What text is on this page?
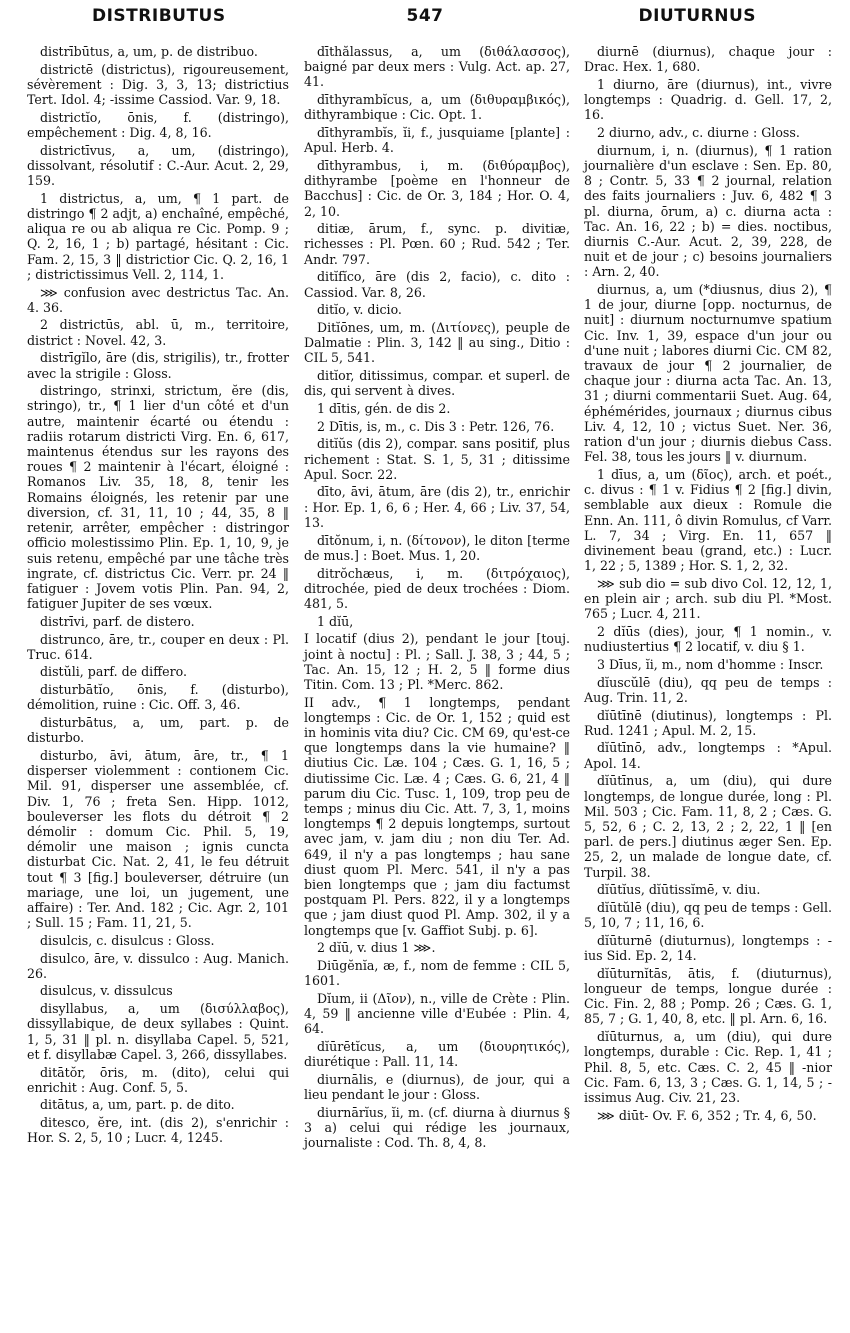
DISTRIBUTUS	547	DIUTURNUS

distrībūtus, a, um, p. de distribuo.

districtē (districtus), rigoureusement, sévèrement : Dig. 3, 3, 13; districtius Tert. Idol. 4; -issime Cassiod. Var. 9, 18.

districtĭo, ōnis, f. (distringo), empêchement : Dig. 4, 8, 16.

districtīvus, a, um, (distringo), dissolvant, résolutif : C.-Aur. Acut. 2, 29, 159.

1 districtus, a, um, ¶ 1 part. de distringo ¶ 2 adjt, a) enchaîné, empêché, aliqua re ou ab aliqua re Cic. Pomp. 9 ; Q. 2, 16, 1 ; b) partagé, hésitant : Cic. Fam. 2, 15, 3 ‖ districtior Cic. Q. 2, 16, 1 ; districtissimus Vell. 2, 114, 1.

⋙ confusion avec destrictus Tac. An. 4. 36.

2 districtūs, abl. ū, m., territoire, district : Novel. 42, 3.

distrīgĭlo, āre (dis, strigilis), tr., frotter avec la strigile : Gloss.

distringo, strinxi, strictum, ĕre (dis, stringo), tr., ¶ 1 lier d'un côté et d'un autre, maintenir écarté ou étendu : radiis rotarum districti Virg. En. 6, 617, maintenus étendus sur les rayons des roues ¶ 2 maintenir à l'écart, éloigné : Romanos Liv. 35, 18, 8, tenir les Romains éloignés, les retenir par une diversion, cf. 31, 11, 10 ; 44, 35, 8 ‖ retenir, arrêter, empêcher : distringor officio molestissimo Plin. Ep. 1, 10, 9, je suis retenu, empêché par une tâche très ingrate, cf. districtus Cic. Verr. pr. 24 ‖ fatiguer : Jovem votis Plin. Pan. 94, 2, fatiguer Jupiter de ses vœux.

distrīvi, parf. de distero.

distrunco, āre, tr., couper en deux : Pl. Truc. 614.

distŭli, parf. de differo.

disturbātĭo, ōnis, f. (disturbo), démolition, ruine : Cic. Off. 3, 46.

disturbātus, a, um, part. p. de disturbo.

disturbo, āvi, ātum, āre, tr., ¶ 1 disperser violemment : contionem Cic. Mil. 91, disperser une assemblée, cf. Div. 1, 76 ; freta Sen. Hipp. 1012, bouleverser les flots du détroit ¶ 2 démolir : domum Cic. Phil. 5, 19, démolir une maison ; ignis cuncta disturbat Cic. Nat. 2, 41, le feu détruit tout ¶ 3 [fig.] bouleverser, détruire (un mariage, une loi, un jugement, une affaire) : Ter. And. 182 ; Cic. Agr. 2, 101 ; Sull. 15 ; Fam. 11, 21, 5.

disulcis, c. disulcus : Gloss.

disulco, āre, v. dissulco : Aug. Manich. 26.

disulcus, v. dissulcus

disyllabus, a, um (δισύλλαβος), dissyllabique, de deux syllabes : Quint. 1, 5, 31 ‖ pl. n. disyllaba Capel. 5, 521, et f. disyllabæ Capel. 3, 266, dissyllabes.

ditātŏr, ōris, m. (dito), celui qui enrichit : Aug. Conf. 5, 5.

ditātus, a, um, part. p. de dito.

ditesco, ĕre, int. (dis 2), s'enrichir : Hor. S. 2, 5, 10 ; Lucr. 4, 1245.

dīthălassus, a, um (διθάλασσος), baigné par deux mers : Vulg. Act. ap. 27, 41.

dīthyrambĭcus, a, um (διθυραμβικός), dithyrambique : Cic. Opt. 1.

dīthyrambĭs, ĭi, f., jusquiame [plante] : Apul. Herb. 4.

dīthyrambus, i, m. (διθύραμβος), dithyrambe [poème en l'honneur de Bacchus] : Cic. de Or. 3, 184 ; Hor. O. 4, 2, 10.

ditiæ, ārum, f., sync. p. divitiæ, richesses : Pl. Pœn. 60 ; Rud. 542 ; Ter. Andr. 797.

ditĭfĭco, āre (dis 2, facio), c. dito : Cassiod. Var. 8, 26.

ditĭo, v. dicio.

Ditĭōnes, um, m. (Διτίονες), peuple de Dalmatie : Plin. 3, 142 ‖ au sing., Ditio : CIL 5, 541.

ditĭor, ditissimus, compar. et superl. de dis, qui servent à dives.

1 dītis, gén. de dis 2.

2 Dītis, is, m., c. Dis 3 : Petr. 126, 76.

ditĭŭs (dis 2), compar. sans positif, plus richement : Stat. S. 1, 5, 31 ; ditissime Apul. Socr. 22.

dīto, āvi, ātum, āre (dis 2), tr., enrichir : Hor. Ep. 1, 6, 6 ; Her. 4, 66 ; Liv. 37, 54, 13.

dītŏnum, i, n. (δίτονον), le diton [terme de mus.] : Boet. Mus. 1, 20.

ditrŏchæus, i, m. (διτρόχαιος), ditrochée, pied de deux trochées : Diom. 481, 5.

1 dĭū,

I locatif (dius 2), pendant le jour [touj. joint à noctu] : Pl. ; Sall. J. 38, 3 ; 44, 5 ; Tac. An. 15, 12 ; H. 2, 5 ‖ forme dius Titin. Com. 13 ; Pl. *Merc. 862.

II adv., ¶ 1 longtemps, pendant longtemps : Cic. de Or. 1, 152 ; quid est in hominis vita diu? Cic. CM 69, qu'est-ce que longtemps dans la vie humaine? ‖ diutius Cic. Læ. 104 ; Cæs. G. 1, 16, 5 ; diutissime Cic. Læ. 4 ; Cæs. G. 6, 21, 4 ‖ parum diu Cic. Tusc. 1, 109, trop peu de temps ; minus diu Cic. Att. 7, 3, 1, moins longtemps ¶ 2 depuis longtemps, surtout avec jam, v. jam diu ; non diu Ter. Ad. 649, il n'y a pas longtemps ; hau sane diust quom Pl. Merc. 541, il n'y a pas bien longtemps que ; jam diu factumst postquam Pl. Pers. 822, il y a longtemps que ; jam diust quod Pl. Amp. 302, il y a longtemps que [v. Gaffiot Subj. p. 6].

2 dĭū, v. dius 1 ⋙.

Diūgĕnĭa, æ, f., nom de femme : CIL 5, 1601.

Dĭum, ii (Δῖον), n., ville de Crète : Plin. 4, 59 ‖ ancienne ville d'Eubée : Plin. 4, 64.

dĭūrētĭcus, a, um (διουρητικός), diurétique : Pall. 11, 14.

diurnālis, e (diurnus), de jour, qui a lieu pendant le jour : Gloss.

diurnārĭus, ĭi, m. (cf. diurna à diurnus § 3 a) celui qui rédige les journaux, journaliste : Cod. Th. 8, 4, 8.

diurnē (diurnus), chaque jour : Drac. Hex. 1, 680.

1 diurno, āre (diurnus), int., vivre longtemps : Quadrig. d. Gell. 17, 2, 16.

2 diurno, adv., c. diurne : Gloss.

diurnum, i, n. (diurnus), ¶ 1 ration journalière d'un esclave : Sen. Ep. 80, 8 ; Contr. 5, 33 ¶ 2 journal, relation des faits journaliers : Juv. 6, 482 ¶ 3 pl. diurna, ōrum, a) c. diurna acta : Tac. An. 16, 22 ; b) = dies. noctibus, diurnis C.-Aur. Acut. 2, 39, 228, de nuit et de jour ; c) besoins journaliers : Arn. 2, 40.

diurnus, a, um (*diusnus, dius 2), ¶ 1 de jour, diurne [opp. nocturnus, de nuit] : diurnum nocturnumve spatium Cic. Inv. 1, 39, espace d'un jour ou d'une nuit ; labores diurni Cic. CM 82, travaux de jour ¶ 2 journalier, de chaque jour : diurna acta Tac. An. 13, 31 ; diurni commentarii Suet. Aug. 64, éphémérides, journaux ; diurnus cibus Liv. 4, 12, 10 ; victus Suet. Ner. 36, ration d'un jour ; diurnis diebus Cass. Fel. 38, tous les jours ‖ v. diurnum.

1 dīus, a, um (δῖος), arch. et poét., c. divus : ¶ 1 v. Fidius ¶ 2 [fig.] divin, semblable aux dieux : Romule die Enn. An. 111, ô divin Romulus, cf Varr. L. 7, 34 ; Virg. En. 11, 657 ‖ divinement beau (grand, etc.) : Lucr. 1, 22 ; 5, 1389 ; Hor. S. 1, 2, 32.

⋙ sub dio = sub divo Col. 12, 12, 1, en plein air ; arch. sub diu Pl. *Most. 765 ; Lucr. 4, 211.

2 dĭūs (dies), jour, ¶ 1 nomin., v. nudiustertius ¶ 2 locatif, v. diu § 1.

3 Dīus, ĭi, m., nom d'homme : Inscr.

dĭuscŭlē (diu), qq peu de temps : Aug. Trin. 11, 2.

dĭūtīnē (diutinus), longtemps : Pl. Rud. 1241 ; Apul. M. 2, 15.

dĭūtīnō, adv., longtemps : *Apul. Apol. 14.

dĭūtīnus, a, um (diu), qui dure longtemps, de longue durée, long : Pl. Mil. 503 ; Cic. Fam. 11, 8, 2 ; Cæs. G. 5, 52, 6 ; C. 2, 13, 2 ; 2, 22, 1 ‖ [en parl. de pers.] diutinus æger Sen. Ep. 25, 2, un malade de longue date, cf. Turpil. 38.

dĭūtĭus, dĭūtissĭmē, v. diu.

dĭūtŭlē (diu), qq peu de temps : Gell. 5, 10, 7 ; 11, 16, 6.

dĭūturnē (diuturnus), longtemps : -ius Sid. Ep. 2, 14.

dĭūturnĭtās, ātis, f. (diuturnus), longueur de temps, longue durée : Cic. Fin. 2, 88 ; Pomp. 26 ; Cæs. G. 1, 85, 7 ; G. 1, 40, 8, etc. ‖ pl. Arn. 6, 16.

dĭūturnus, a, um (diu), qui dure longtemps, durable : Cic. Rep. 1, 41 ; Phil. 8, 5, etc. Cæs. C. 2, 45 ‖ -nior Cic. Fam. 6, 13, 3 ; Cæs. G. 1, 14, 5 ; -issimus Aug. Civ. 21, 23.

⋙ diūt- Ov. F. 6, 352 ; Tr. 4, 6, 50.
